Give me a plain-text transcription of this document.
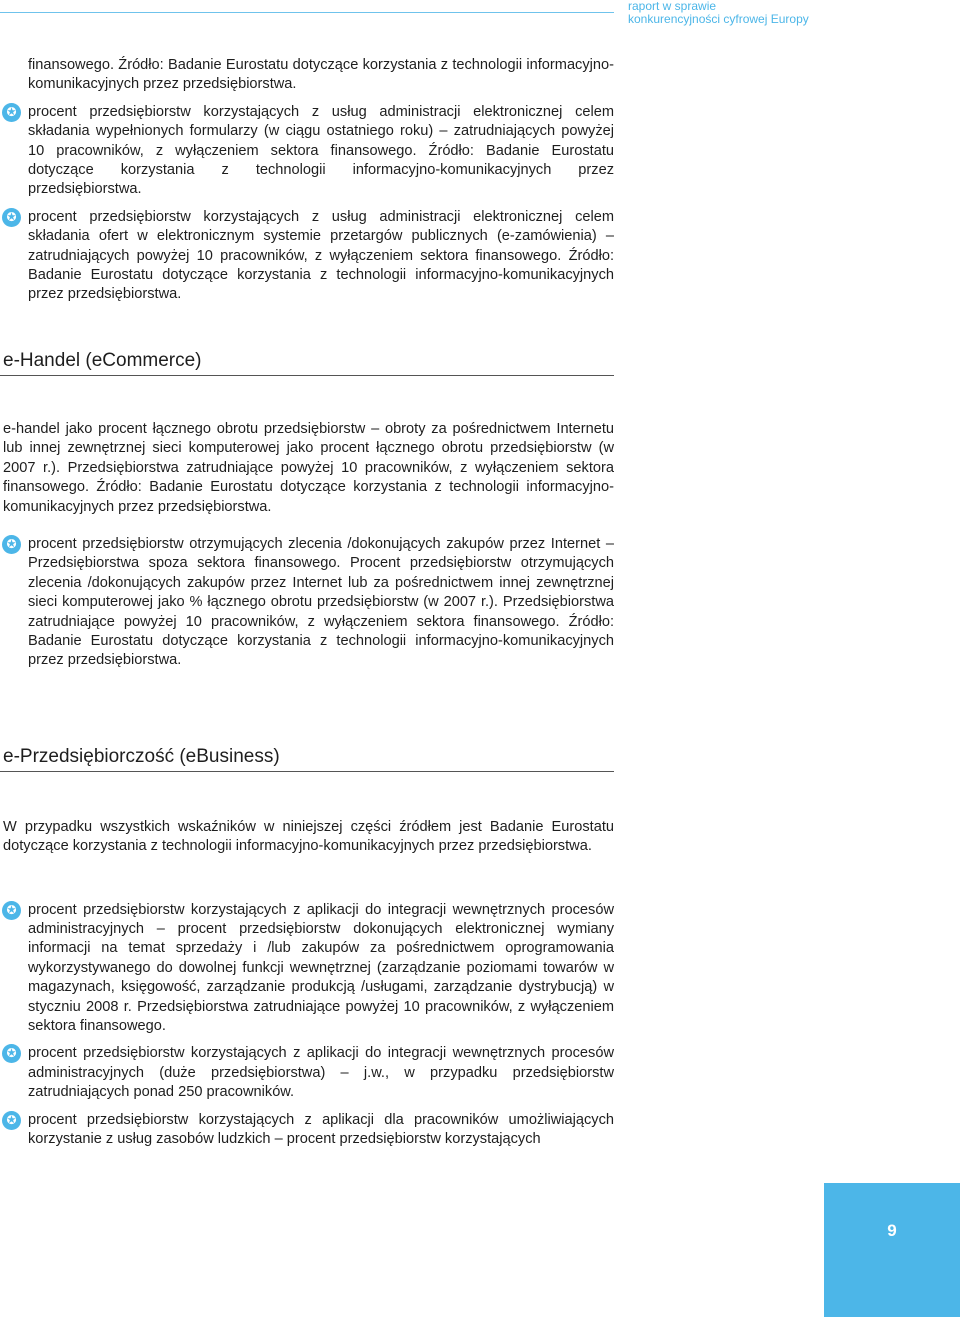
raport w sprawie
konkurencyjności cyfrowej Europy

finansowego. Źródło: Badanie Eurostatu dotyczące korzystania z technologii informacyjno-komunikacyjnych przez przedsiębiorstwa.

✪ procent przedsiębiorstw korzystających z usług administracji elektronicznej celem składania wypełnionych formularzy (w ciągu ostatniego roku) – zatrudniających powyżej 10 pracowników, z wyłączeniem sektora finansowego. Źródło: Badanie Eurostatu dotyczące korzystania z technologii informacyjno-komunikacyjnych przez przedsiębiorstwa.

✪ procent przedsiębiorstw korzystających z usług administracji elektronicznej celem składania ofert w elektronicznym systemie przetargów publicznych (e-zamówienia) – zatrudniających powyżej 10 pracowników, z wyłączeniem sektora finansowego. Źródło: Badanie Eurostatu dotyczące korzystania z technologii informacyjno-komunikacyjnych przez przedsiębiorstwa.

e-Handel (eCommerce)

e-handel jako procent łącznego obrotu przedsiębiorstw – obroty za pośrednictwem Internetu lub innej zewnętrznej sieci komputerowej jako procent łącznego obrotu przedsiębiorstw (w 2007 r.). Przedsiębiorstwa zatrudniające powyżej 10 pracowników, z wyłączeniem sektora finansowego. Źródło: Badanie Eurostatu dotyczące korzystania z technologii informacyjno-komunikacyjnych przez przedsiębiorstwa.

✪ procent przedsiębiorstw otrzymujących zlecenia /dokonujących zakupów przez Internet – Przedsiębiorstwa spoza sektora finansowego. Procent przedsiębiorstw otrzymujących zlecenia /dokonujących zakupów przez Internet lub za pośrednictwem innej zewnętrznej sieci komputerowej jako % łącznego obrotu przedsiębiorstw (w 2007 r.). Przedsiębiorstwa zatrudniające powyżej 10 pracowników, z wyłączeniem sektora finansowego. Źródło: Badanie Eurostatu dotyczące korzystania z technologii informacyjno-komunikacyjnych przez przedsiębiorstwa.

e-Przedsiębiorczość (eBusiness)

W przypadku wszystkich wskaźników w niniejszej części źródłem jest Badanie Eurostatu dotyczące korzystania z technologii informacyjno-komunikacyjnych przez przedsiębiorstwa.

✪ procent przedsiębiorstw korzystających z aplikacji do integracji wewnętrznych procesów administracyjnych – procent przedsiębiorstw dokonujących elektronicznej wymiany informacji na temat sprzedaży i /lub zakupów za pośrednictwem oprogramowania wykorzystywanego do dowolnej funkcji wewnętrznej (zarządzanie poziomami towarów w magazynach, księgowość, zarządzanie produkcją /usługami, zarządzanie dystrybucją) w styczniu 2008 r. Przedsiębiorstwa zatrudniające powyżej 10 pracowników, z wyłączeniem sektora finansowego.

✪ procent przedsiębiorstw korzystających z aplikacji do integracji wewnętrznych procesów administracyjnych (duże przedsiębiorstwa) – j.w., w przypadku przedsiębiorstw zatrudniających ponad 250 pracowników.

✪ procent przedsiębiorstw korzystających z aplikacji dla pracowników umożliwiających korzystanie z usług zasobów ludzkich – procent przedsiębiorstw korzystających

9
